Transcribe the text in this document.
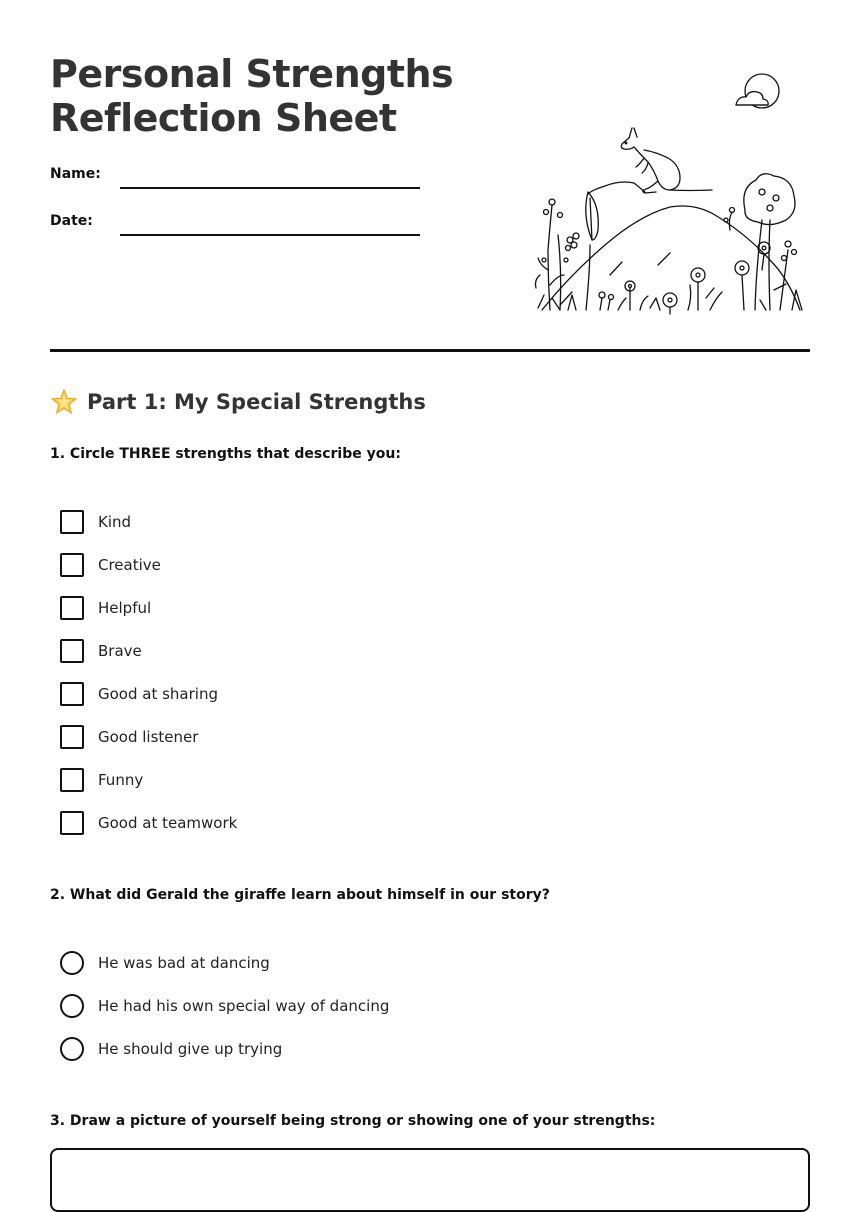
Personal Strengths
Reflection Sheet
Name:
Date:
Part 1: My Special Strengths

1. Circle THREE strengths that describe you:

Kind
Creative
Helpful
Brave
Good at sharing
Good listener
Funny
Good at teamwork

2. What did Gerald the giraffe learn about himself in our story?

He was bad at dancing
He had his own special way of dancing
He should give up trying

3. Draw a picture of yourself being strong or showing one of your strengths:
